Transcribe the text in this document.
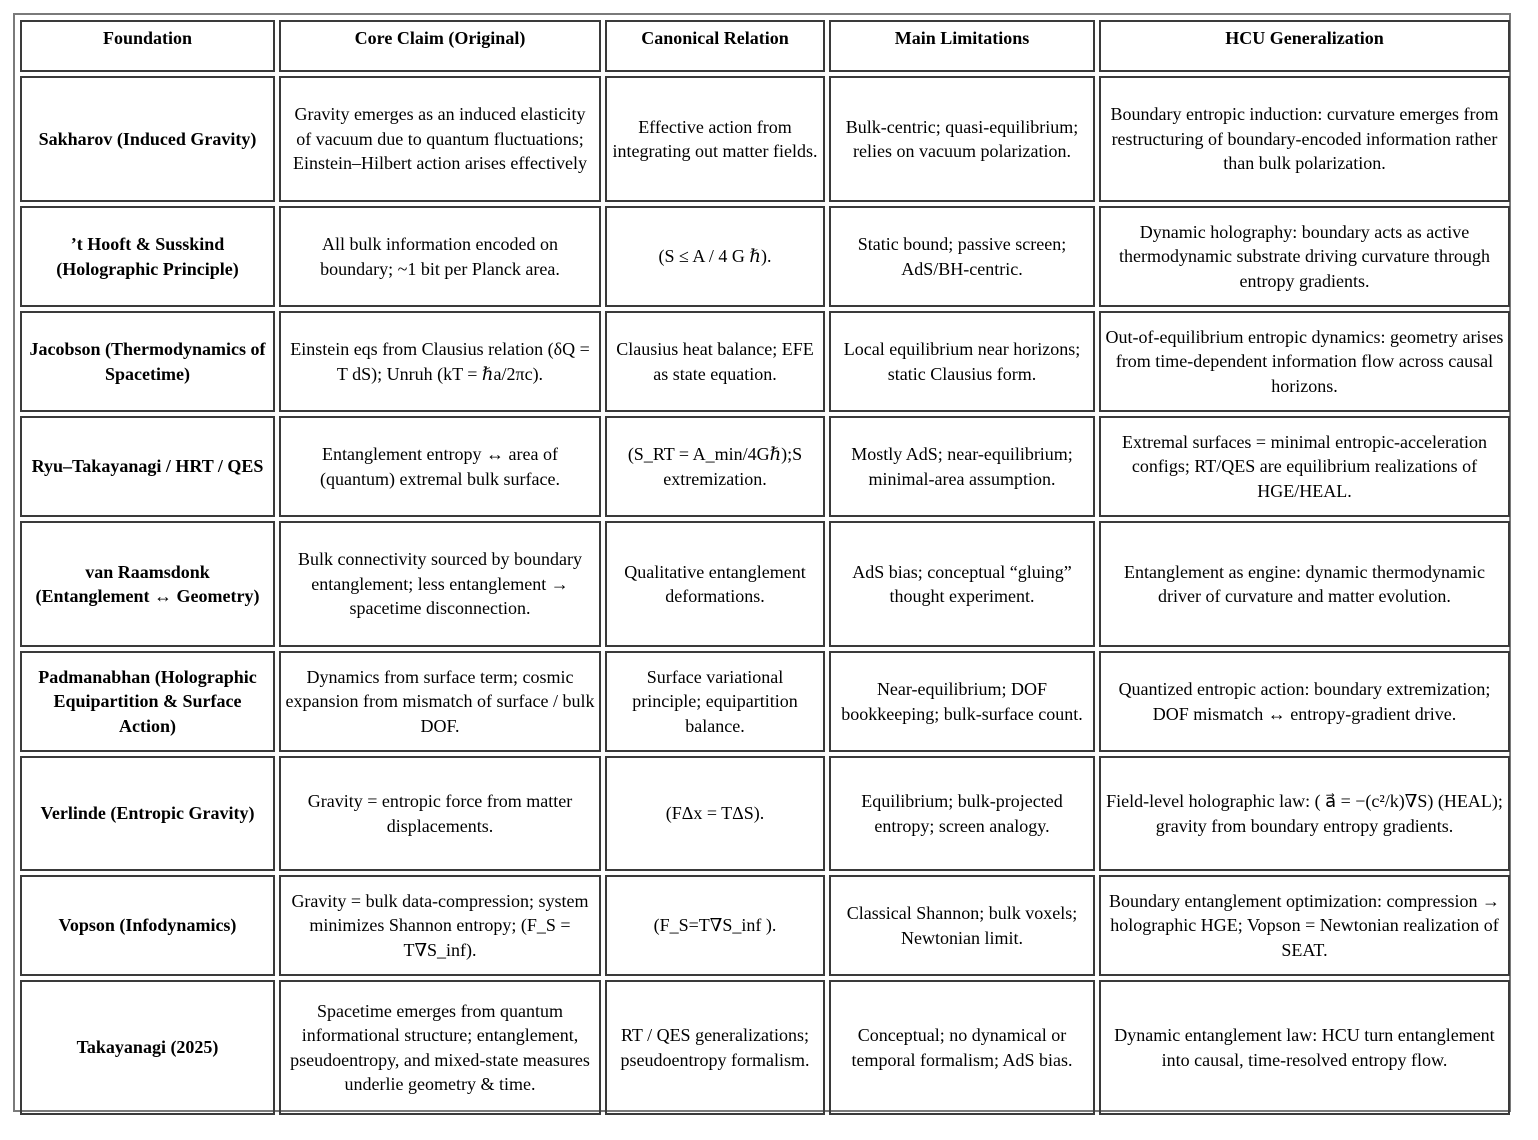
Foundation	Core Claim (Original)	Canonical Relation	Main Limitations	HCU Generalization
Sakharov (Induced Gravity)	Gravity emerges as an induced elasticity of vacuum due to quantum fluctuations; Einstein–Hilbert action arises effectively	Effective action from integrating out matter fields.	Bulk-centric; quasi-equilibrium; relies on vacuum polarization.	Boundary entropic induction: curvature emerges from restructuring of boundary-encoded information rather than bulk polarization.
’t Hooft & Susskind (Holographic Principle)	All bulk information encoded on boundary; ~1 bit per Planck area.	(S ≤ A / 4 G ℏ).	Static bound; passive screen; AdS/BH-centric.	Dynamic holography: boundary acts as active thermodynamic substrate driving curvature through entropy gradients.
Jacobson (Thermodynamics of Spacetime)	Einstein eqs from Clausius relation (δQ = T dS); Unruh (kT = ℏa/2πc).	Clausius heat balance; EFE as state equation.	Local equilibrium near horizons; static Clausius form.	Out-of-equilibrium entropic dynamics: geometry arises from time-dependent information flow across causal horizons.
Ryu–Takayanagi / HRT / QES	Entanglement entropy ↔ area of (quantum) extremal bulk surface.	(S_RT = A_min/4Gℏ);S extremization.	Mostly AdS; near-equilibrium; minimal-area assumption.	Extremal surfaces = minimal entropic-acceleration configs; RT/QES are equilibrium realizations of HGE/HEAL.
van Raamsdonk (Entanglement ↔ Geometry)	Bulk connectivity sourced by boundary entanglement; less entanglement → spacetime disconnection.	Qualitative entanglement deformations.	AdS bias; conceptual “gluing” thought experiment.	Entanglement as engine: dynamic thermodynamic driver of curvature and matter evolution.
Padmanabhan (Holographic Equipartition & Surface Action)	Dynamics from surface term; cosmic expansion from mismatch of surface / bulk DOF.	Surface variational principle; equipartition balance.	Near-equilibrium; DOF bookkeeping; bulk-surface count.	Quantized entropic action: boundary extremization; DOF mismatch ↔ entropy-gradient drive.
Verlinde (Entropic Gravity)	Gravity = entropic force from matter displacements.	(FΔx = TΔS).	Equilibrium; bulk-projected entropy; screen analogy.	Field-level holographic law: ( a⃗ = −(c²/k)∇S) (HEAL); gravity from boundary entropy gradients.
Vopson (Infodynamics)	Gravity = bulk data-compression; system minimizes Shannon entropy; (F_S = T∇S_inf).	(F_S=T∇S_inf ).	Classical Shannon; bulk voxels; Newtonian limit.	Boundary entanglement optimization: compression → holographic HGE; Vopson = Newtonian realization of SEAT.
Takayanagi (2025)	Spacetime emerges from quantum informational structure; entanglement, pseudoentropy, and mixed-state measures underlie geometry & time.	RT / QES generalizations; pseudoentropy formalism.	Conceptual; no dynamical or temporal formalism; AdS bias.	Dynamic entanglement law: HCU turn entanglement into causal, time-resolved entropy flow.
